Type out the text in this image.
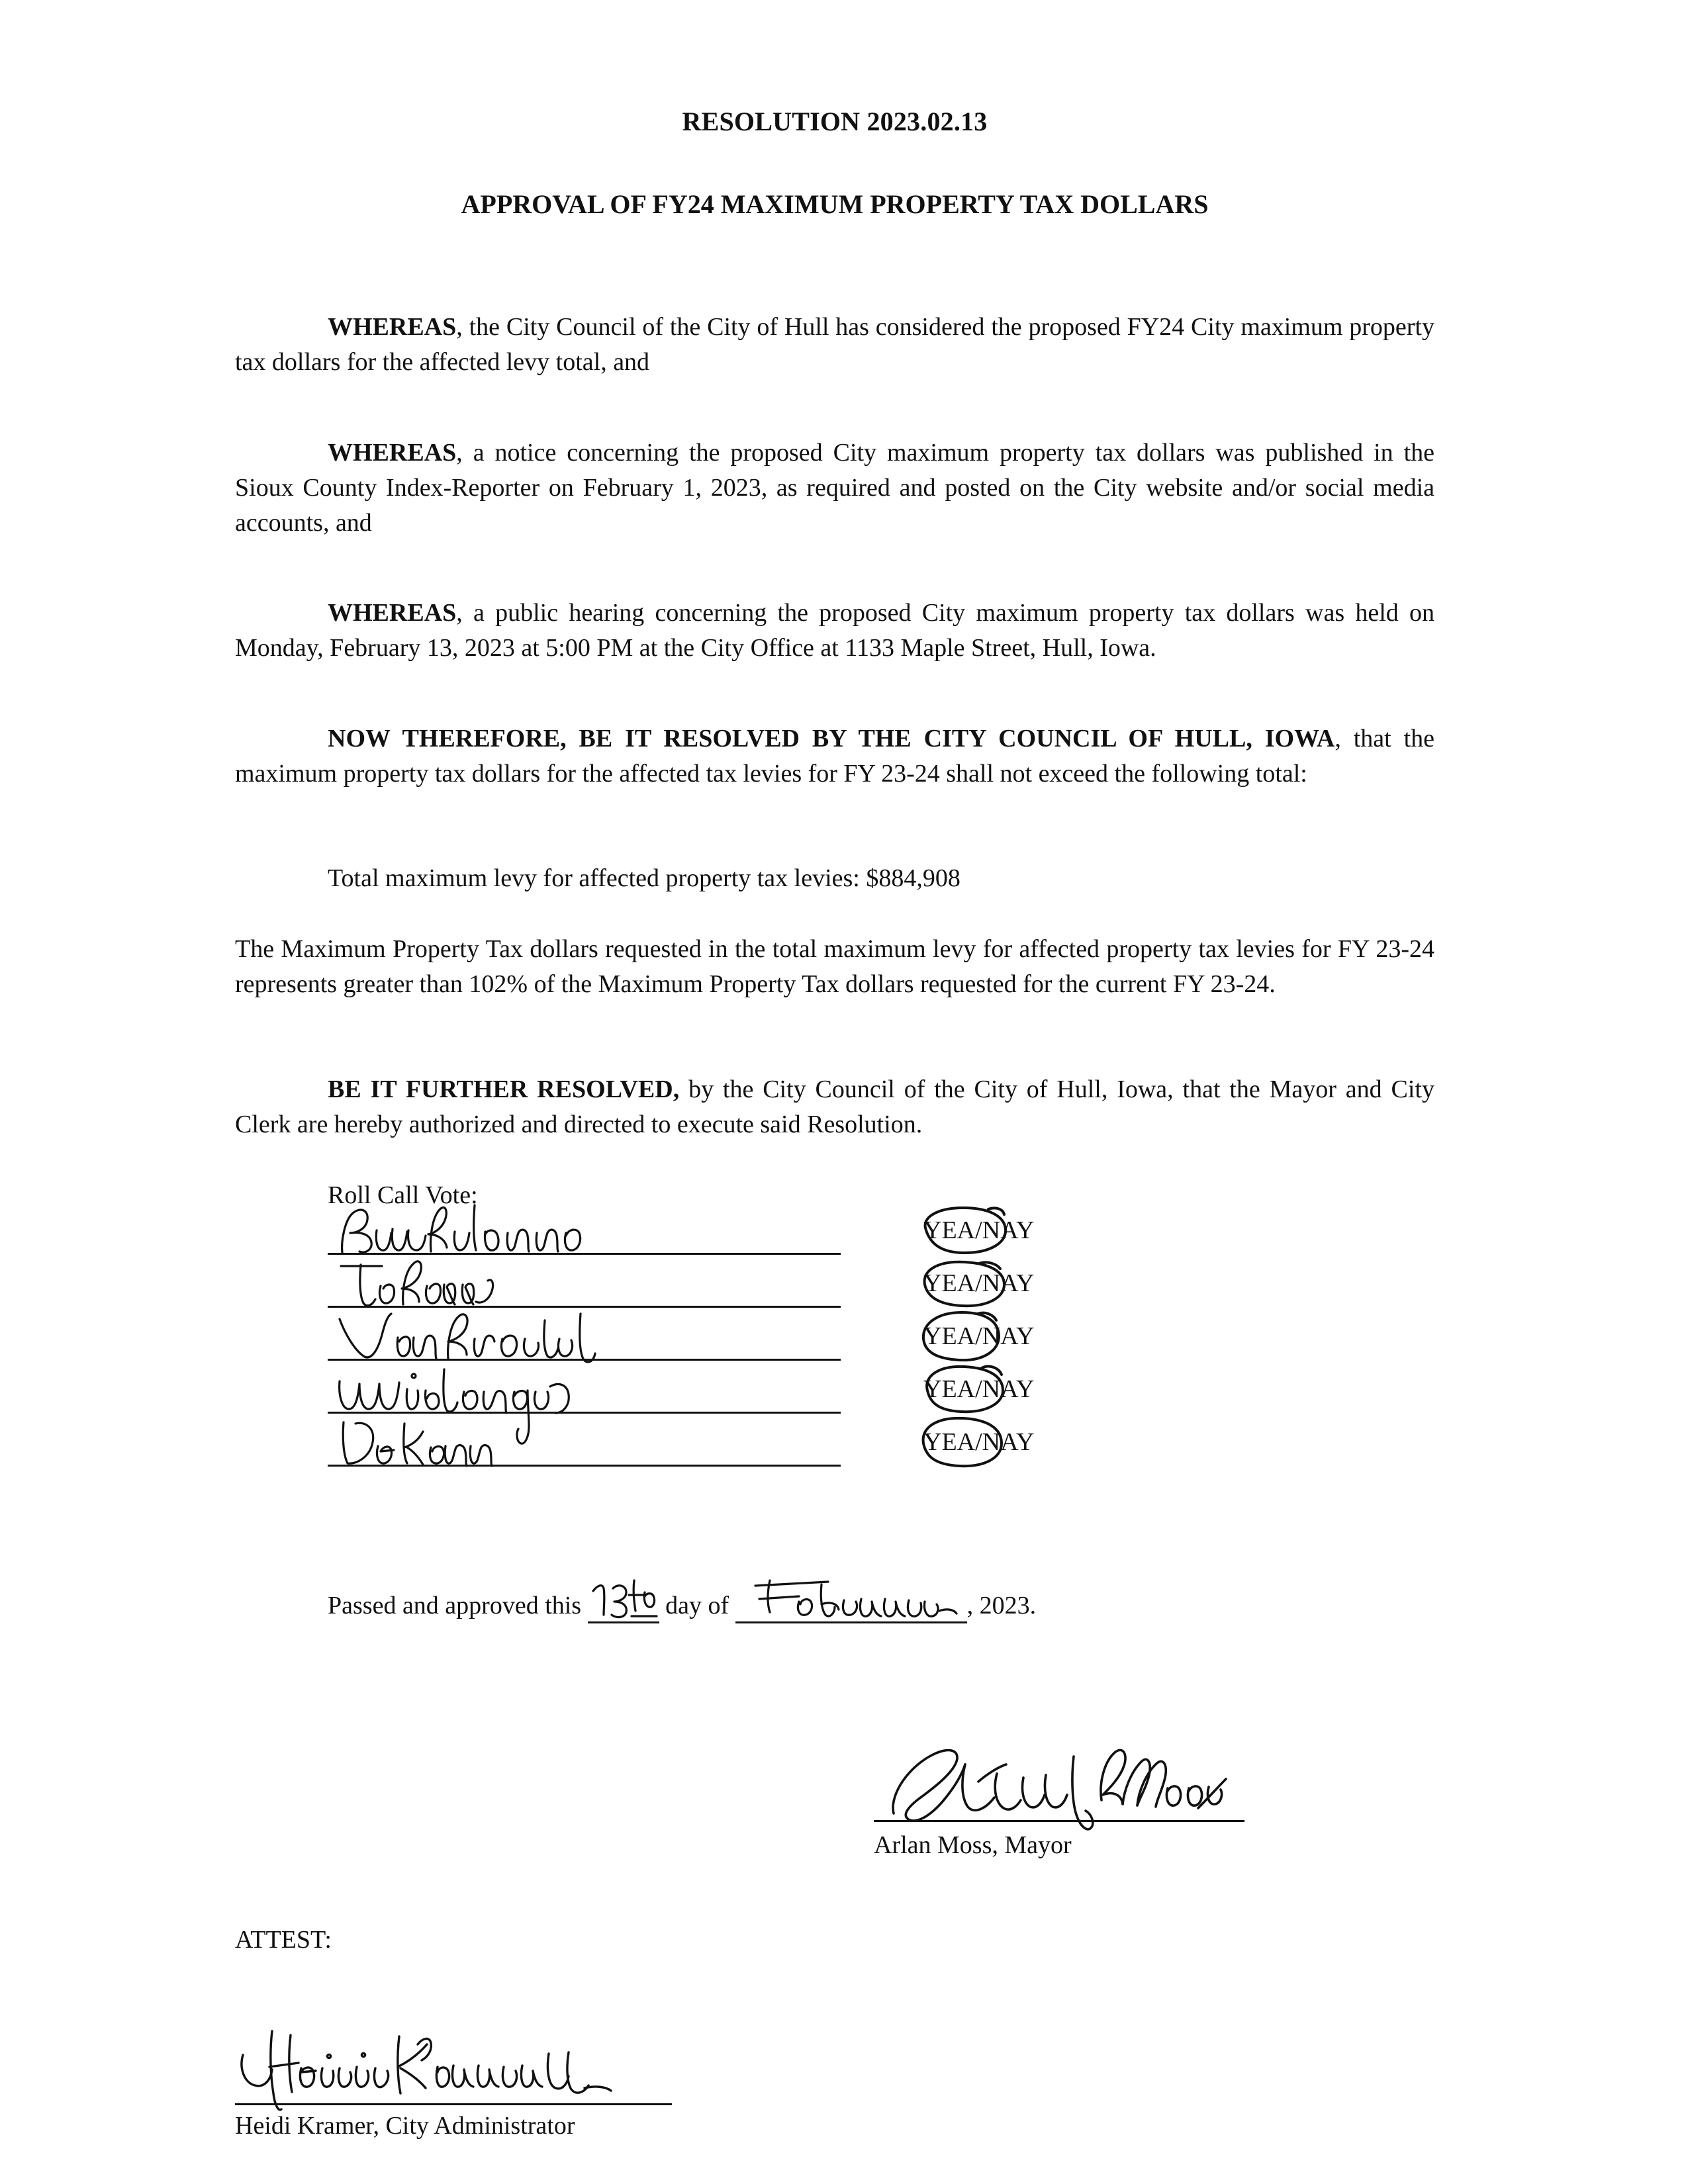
RESOLUTION 2023.02.13
APPROVAL OF FY24 MAXIMUM PROPERTY TAX DOLLARS

WHEREAS, the City Council of the City of Hull has considered the proposed FY24 City maximum property tax dollars for the affected levy total, and

WHEREAS, a notice concerning the proposed City maximum property tax dollars was published in the Sioux County Index-Reporter on February 1, 2023, as required and posted on the City website and/or social media accounts, and

WHEREAS, a public hearing concerning the proposed City maximum property tax dollars was held on Monday, February 13, 2023 at 5:00 PM at the City Office at 1133 Maple Street, Hull, Iowa.

NOW THEREFORE, BE IT RESOLVED BY THE CITY COUNCIL OF HULL, IOWA, that the maximum property tax dollars for the affected tax levies for FY 23-24 shall not exceed the following total:

Total maximum levy for affected property tax levies: $884,908

The Maximum Property Tax dollars requested in the total maximum levy for affected property tax levies for FY 23-24 represents greater than 102% of the Maximum Property Tax dollars requested for the current FY 23-24.

BE IT FURTHER RESOLVED, by the City Council of the City of Hull, Iowa, that the Mayor and City Clerk are hereby authorized and directed to execute said Resolution.

Roll Call Vote:

YEA/NAY
YEA/NAY
YEA/NAY
YEA/NAY
YEA/NAY
Passed and approved this	day of	, 2023.
Arlan Moss, Mayor
ATTEST:
Heidi Kramer, City Administrator
